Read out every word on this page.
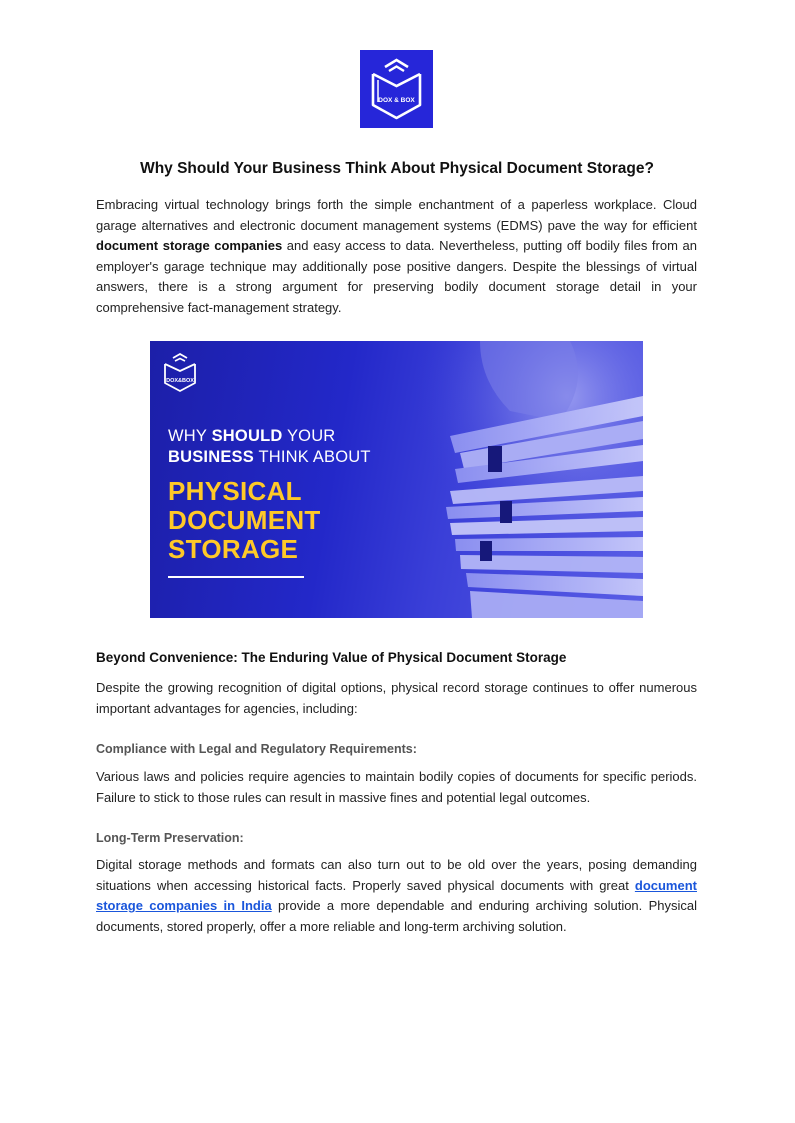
DOX & BOX
Why Should Your Business Think About Physical Document Storage?

Embracing virtual technology brings forth the simple enchantment of a paperless workplace. Cloud garage alternatives and electronic document management systems (EDMS) pave the way for efficient document storage companies and easy access to data. Nevertheless, putting off bodily files from an employer's garage technique may additionally pose positive dangers. Despite the blessings of virtual answers, there is a strong argument for preserving bodily document storage detail in your comprehensive fact-management strategy.

DOX&BOX
WHY SHOULD YOUR
BUSINESS THINK ABOUT
PHYSICAL
DOCUMENT
STORAGE
Beyond Convenience: The Enduring Value of Physical Document Storage

Despite the growing recognition of digital options, physical record storage continues to offer numerous important advantages for agencies, including:

Compliance with Legal and Regulatory Requirements:

Various laws and policies require agencies to maintain bodily copies of documents for specific periods. Failure to stick to those rules can result in massive fines and potential legal outcomes.

Long-Term Preservation:

Digital storage methods and formats can also turn out to be old over the years, posing demanding situations when accessing historical facts. Properly saved physical documents with great document storage companies in India provide a more dependable and enduring archiving solution. Physical documents, stored properly, offer a more reliable and long-term archiving solution.
